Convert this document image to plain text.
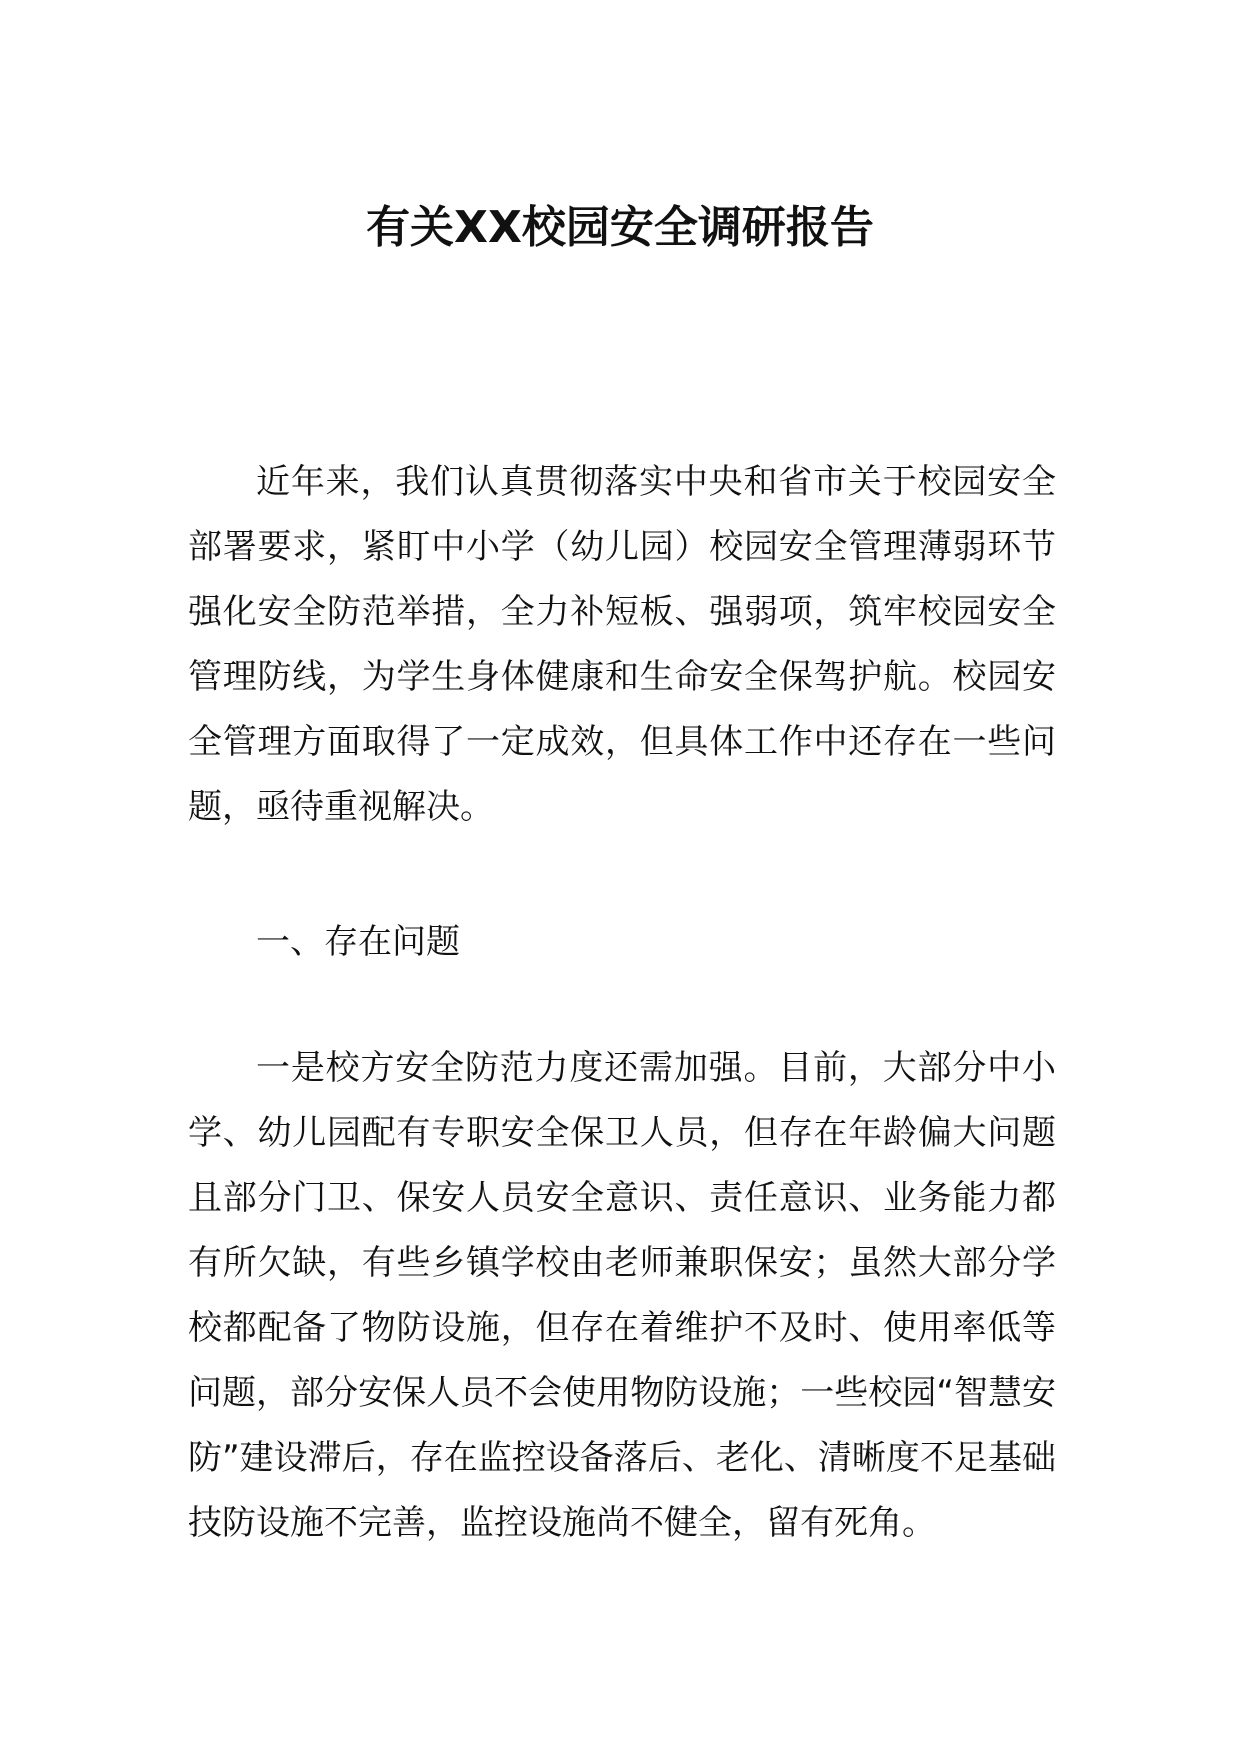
有关XX校园安全调研报告

近年来，我们认真贯彻落实中央和省市关于校园安全部署要求，紧盯中小学（幼儿园）校园安全管理薄弱环节强化安全防范举措，全力补短板、强弱项，筑牢校园安全管理防线，为学生身体健康和生命安全保驾护航。校园安全管理方面取得了一定成效，但具体工作中还存在一些问题，亟待重视解决。

一、存在问题

一是校方安全防范力度还需加强。目前，大部分中小学、幼儿园配有专职安全保卫人员，但存在年龄偏大问题且部分门卫、保安人员安全意识、责任意识、业务能力都有所欠缺，有些乡镇学校由老师兼职保安；虽然大部分学校都配备了物防设施，但存在着维护不及时、使用率低等问题，部分安保人员不会使用物防设施；一些校园“智慧安防”建设滞后，存在监控设备落后、老化、清晰度不足基础技防设施不完善，监控设施尚不健全，留有死角。
